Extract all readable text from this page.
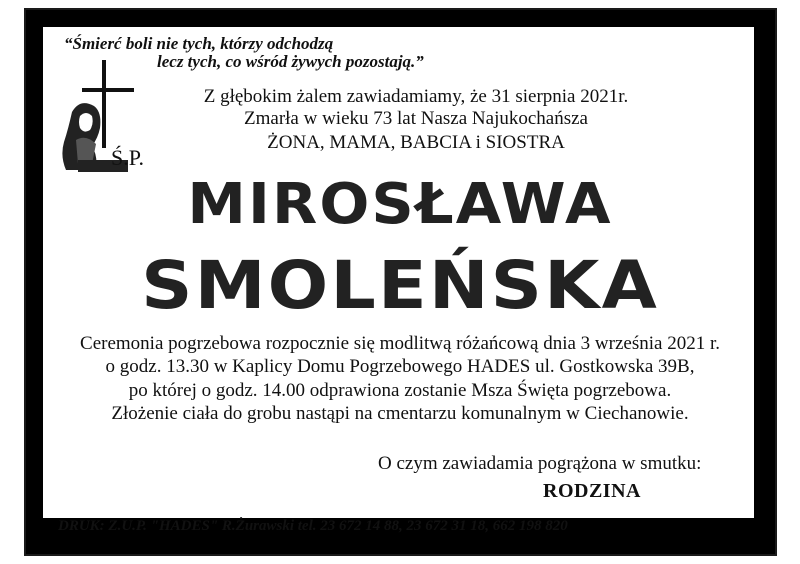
“Śmierć boli nie tych, którzy odchodzą
lecz tych, co wśród żywych pozostają.”
Z głębokim żalem zawiadamiamy, że 31 sierpnia 2021r.
Zmarła w wieku 73 lat Nasza Najukochańsza
ŻONA, MAMA, BABCIA i SIOSTRA
Ś.P.
MIROSŁAWA
SMOLEŃSKA
Ceremonia pogrzebowa rozpocznie się modlitwą różańcową dnia 3 września 2021 r.
o godz. 13.30 w Kaplicy Domu Pogrzebowego HADES ul. Gostkowska 39B,
po której o godz. 14.00 odprawiona zostanie Msza Święta pogrzebowa.
Złożenie ciała do grobu nastąpi na cmentarzu komunalnym w Ciechanowie.
O czym zawiadamia pogrążona w smutku:
RODZINA
DRUK: Z.U.P. "HADES" R.Żurawski tel. 23 672 14 88, 23 672 31 18, 662 198 820
